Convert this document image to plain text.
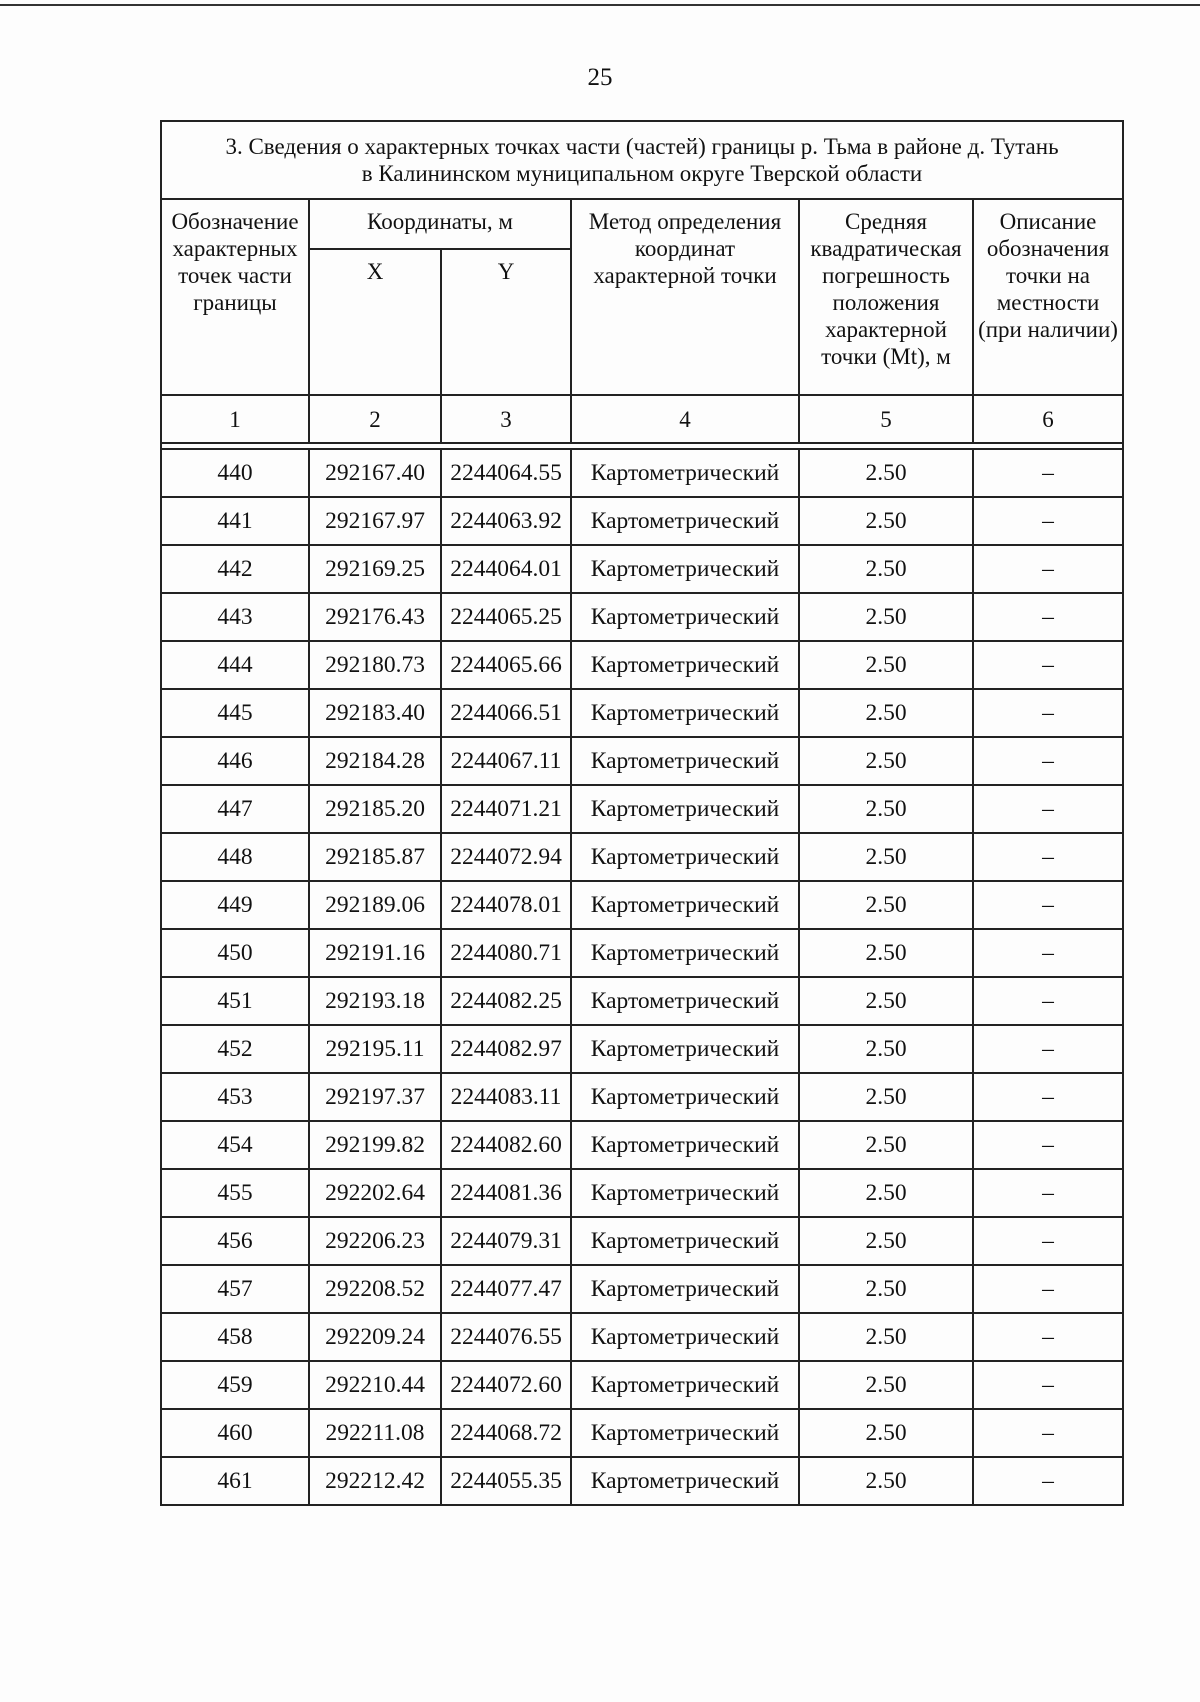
25
3. Сведения о характерных точках части (частей) границы р. Тьма в районе д. Тутань
в Калининском муниципальном округе Тверской области					
Обозначение характерных точек части границы	Координаты, м		Метод определения координат характерной точки	Средняя квадратическая погрешность положения характерной точки (Mt), м	Описание обозначения точки на местности (при наличии)
	X	Y			
1	2	3	4	5	6

440	292167.40	2244064.55	Картометрический	2.50	–
441	292167.97	2244063.92	Картометрический	2.50	–
442	292169.25	2244064.01	Картометрический	2.50	–
443	292176.43	2244065.25	Картометрический	2.50	–
444	292180.73	2244065.66	Картометрический	2.50	–
445	292183.40	2244066.51	Картометрический	2.50	–
446	292184.28	2244067.11	Картометрический	2.50	–
447	292185.20	2244071.21	Картометрический	2.50	–
448	292185.87	2244072.94	Картометрический	2.50	–
449	292189.06	2244078.01	Картометрический	2.50	–
450	292191.16	2244080.71	Картометрический	2.50	–
451	292193.18	2244082.25	Картометрический	2.50	–
452	292195.11	2244082.97	Картометрический	2.50	–
453	292197.37	2244083.11	Картометрический	2.50	–
454	292199.82	2244082.60	Картометрический	2.50	–
455	292202.64	2244081.36	Картометрический	2.50	–
456	292206.23	2244079.31	Картометрический	2.50	–
457	292208.52	2244077.47	Картометрический	2.50	–
458	292209.24	2244076.55	Картометрический	2.50	–
459	292210.44	2244072.60	Картометрический	2.50	–
460	292211.08	2244068.72	Картометрический	2.50	–
461	292212.42	2244055.35	Картометрический	2.50	–
